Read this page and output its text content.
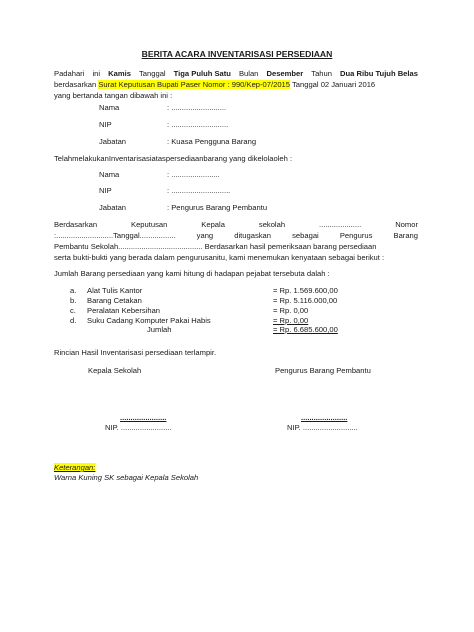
BERITA ACARA INVENTARISASI PERSEDIAAN
Padahari ini Kamis Tanggal Tiga Puluh Satu Bulan Desember Tahun Dua Ribu Tujuh Belas
berdasarkan Surat Keputusan Bupati Paser Nomor : 990/Kep-07/2015 Tanggal 02 Januari 2016
yang bertanda tangan dibawah ini :
Nama	: ..........................
NIP	: ...........................
Jabatan	: Kuasa Pengguna Barang
TelahmelakukanInventarisasiataspersediaanbarang yang dikelolaoleh :
Nama	: .......................
NIP	: ............................
Jabatan	: Pengurus Barang Pembantu
Berdasarkan	Keputusan	Kepala	sekolah	....................	Nomor
:...........................Tanggal.................	yang	ditugaskan	sebagai	Pengurus	Barang
Pembantu Sekolah........................................ Berdasarkan hasil pemeriksaan barang persediaan
serta bukti-bukti yang berada dalam pengurusanitu, kami menemukan kenyataan sebagai berikut :
Jumlah Barang persediaan yang kami hitung di hadapan pejabat tersebuta dalah :
a. Alat Tulis Kantor	= Rp. 1.569.600,00
b. Barang Cetakan	= Rp. 5.116.000,00
c. Peralatan Kebersihan	= Rp. 0,00
d. Suku Cadang Komputer Pakai Habis	= Rp. 0,00
Jumlah	= Rp. 6.685.600,00
Rincian Hasil Inventarisasi persediaan terlampir.
Kepala Sekolah	Pengurus Barang Pembantu
......................	......................
NIP. ........................	NIP. ..........................
Keterangan:
Warna Kuning SK sebagai Kepala Sekolah
